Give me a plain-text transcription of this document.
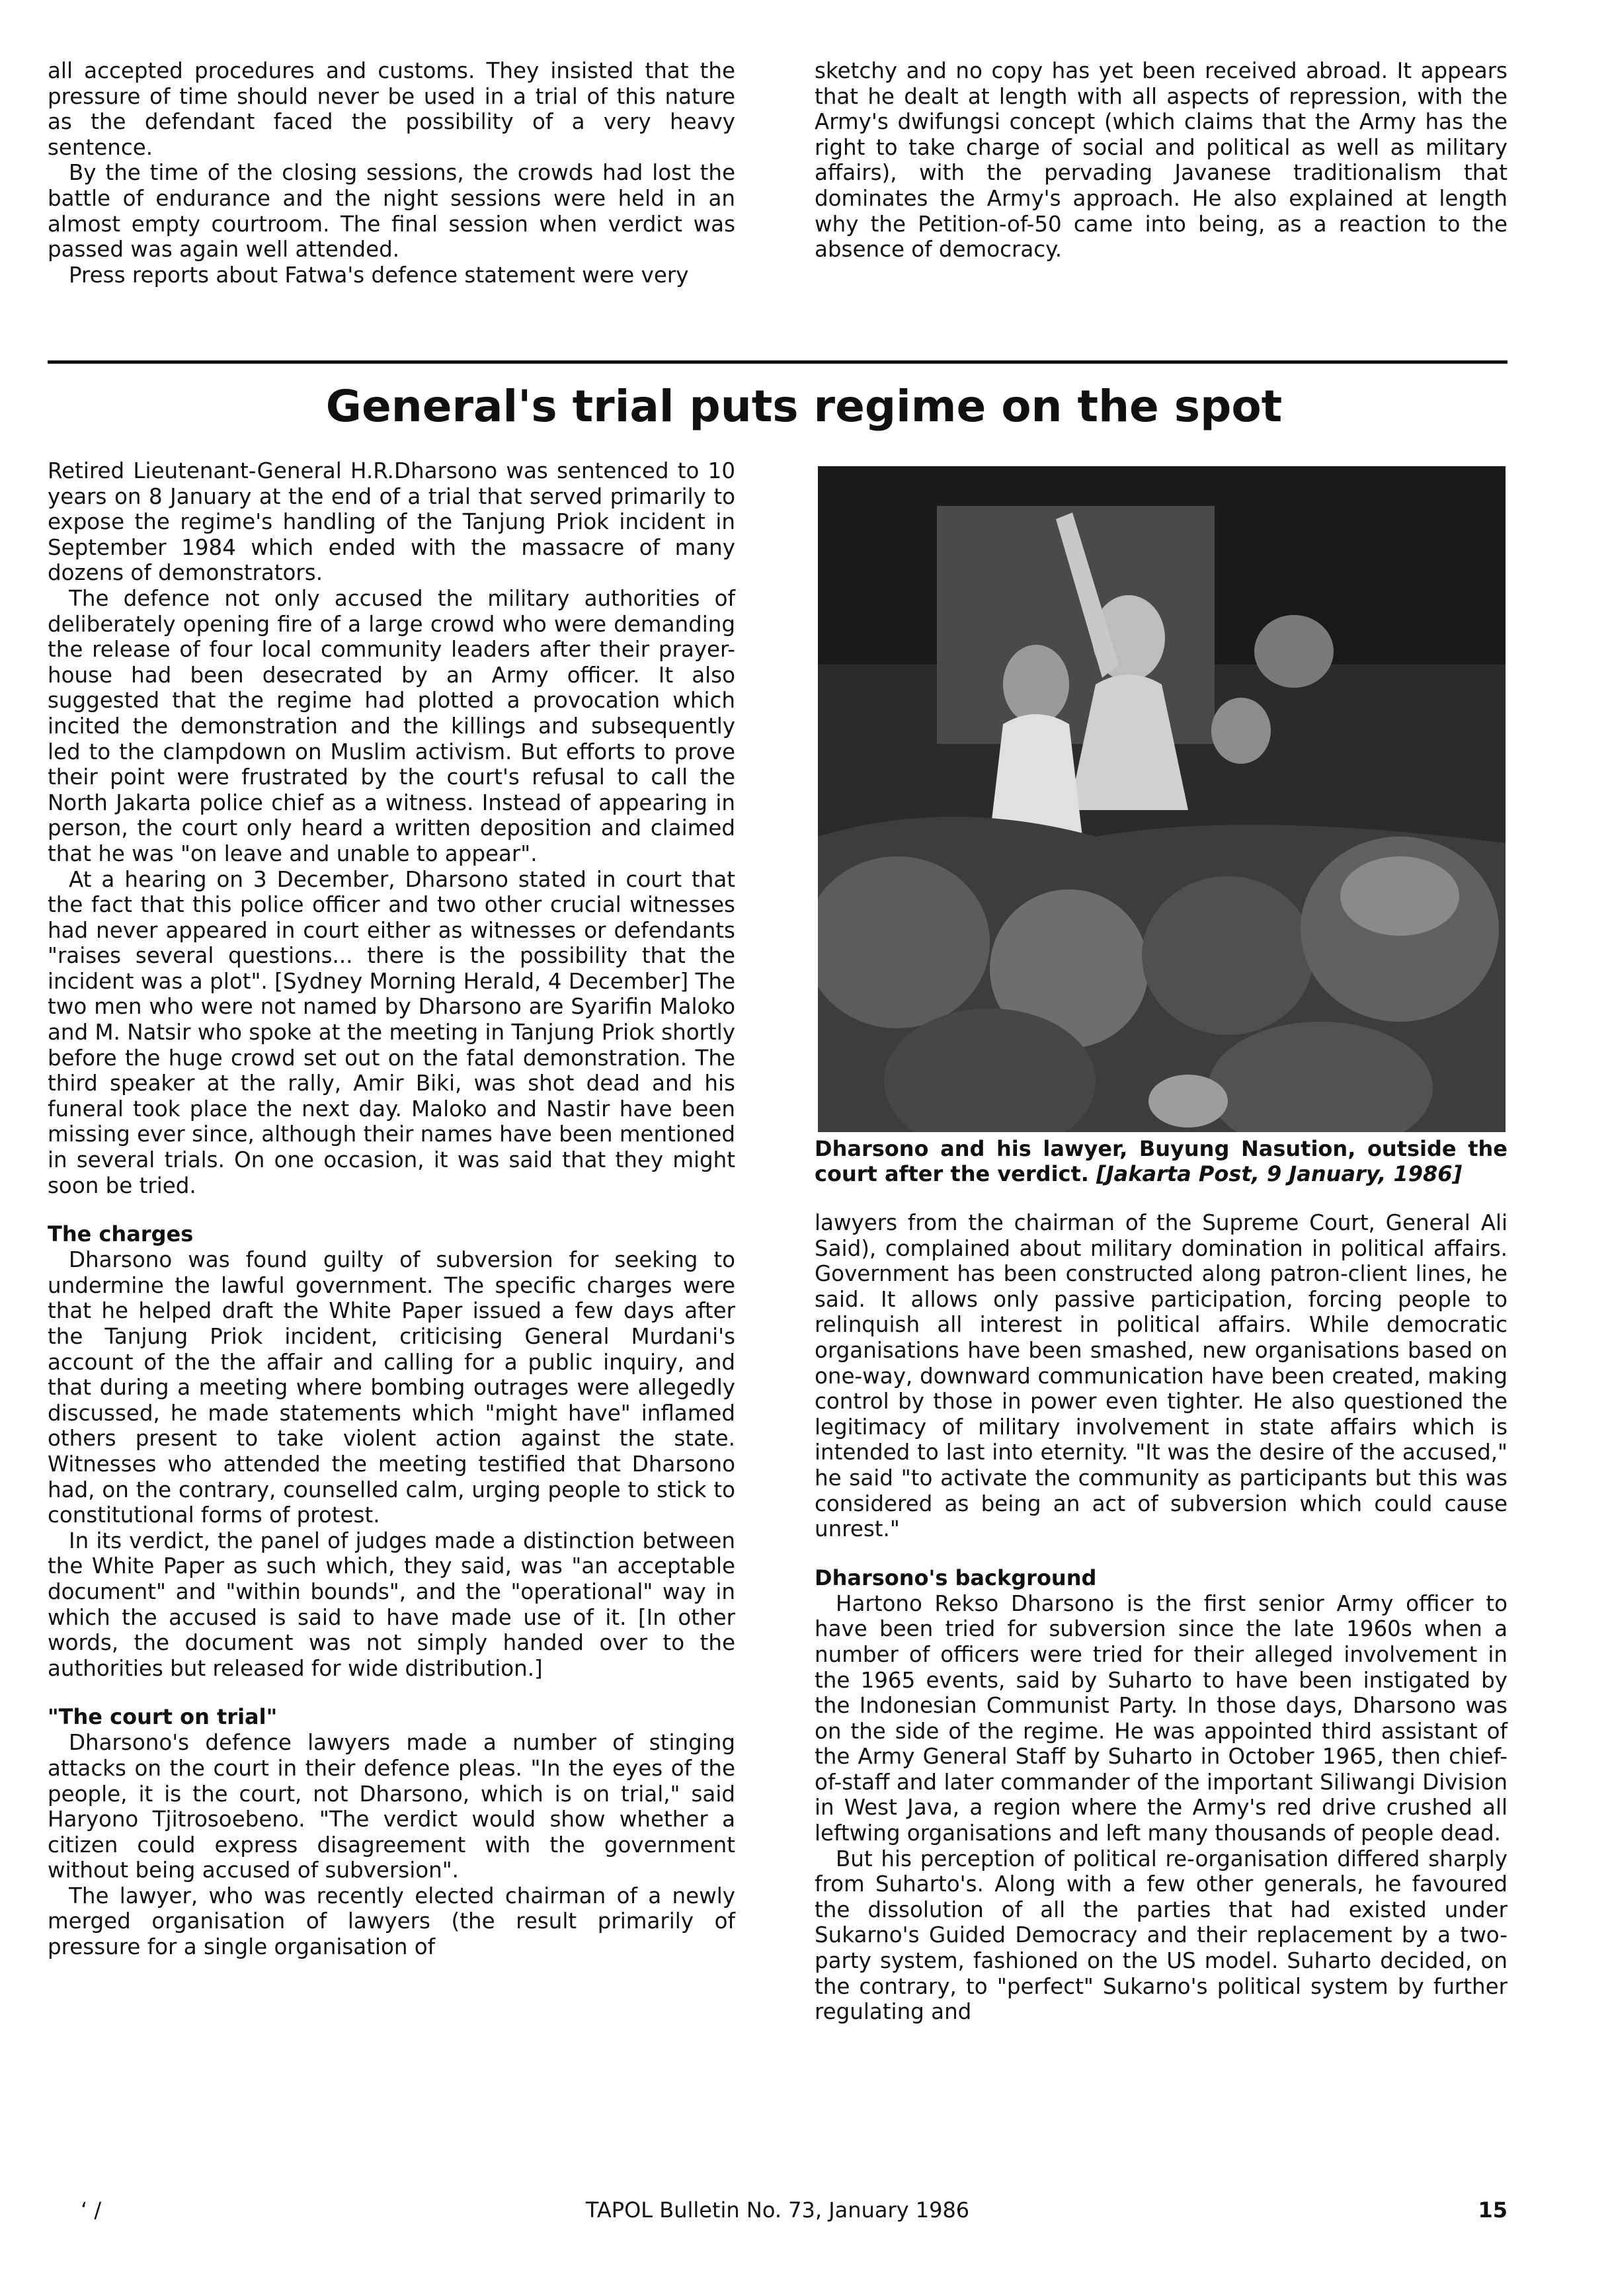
all accepted procedures and customs. They insisted that the pressure of time should never be used in a trial of this nature as the defendant faced the possibility of a very heavy sentence.

By the time of the closing sessions, the crowds had lost the battle of endurance and the night sessions were held in an almost empty courtroom. The final session when verdict was passed was again well attended.

Press reports about Fatwa's defence statement were very

sketchy and no copy has yet been received abroad. It appears that he dealt at length with all aspects of repression, with the Army's dwifungsi concept (which claims that the Army has the right to take charge of social and political as well as military affairs), with the pervading Javanese traditionalism that dominates the Army's approach. He also explained at length why the Petition-of-50 came into being, as a reaction to the absence of democracy.

General's trial puts regime on the spot

Retired Lieutenant-General H.R.Dharsono was sentenced to 10 years on 8 January at the end of a trial that served primarily to expose the regime's handling of the Tanjung Priok incident in September 1984 which ended with the massacre of many dozens of demonstrators.

The defence not only accused the military authorities of deliberately opening fire of a large crowd who were demanding the release of four local community leaders after their prayer-house had been desecrated by an Army officer. It also suggested that the regime had plotted a provocation which incited the demonstration and the killings and subsequently led to the clampdown on Muslim activism. But efforts to prove their point were frustrated by the court's refusal to call the North Jakarta police chief as a witness. Instead of appearing in person, the court only heard a written deposition and claimed that he was "on leave and unable to appear".

At a hearing on 3 December, Dharsono stated in court that the fact that this police officer and two other crucial witnesses had never appeared in court either as witnesses or defendants "raises several questions... there is the possibility that the incident was a plot". [Sydney Morning Herald, 4 December] The two men who were not named by Dharsono are Syarifin Maloko and M. Natsir who spoke at the meeting in Tanjung Priok shortly before the huge crowd set out on the fatal demonstration. The third speaker at the rally, Amir Biki, was shot dead and his funeral took place the next day. Maloko and Nastir have been missing ever since, although their names have been mentioned in several trials. On one occasion, it was said that they might soon be tried.

The charges

Dharsono was found guilty of subversion for seeking to undermine the lawful government. The specific charges were that he helped draft the White Paper issued a few days after the Tanjung Priok incident, criticising General Murdani's account of the the affair and calling for a public inquiry, and that during a meeting where bombing outrages were allegedly discussed, he made statements which "might have" inflamed others present to take violent action against the state. Witnesses who attended the meeting testified that Dharsono had, on the contrary, counselled calm, urging people to stick to constitutional forms of protest.

In its verdict, the panel of judges made a distinction between the White Paper as such which, they said, was "an acceptable document" and "within bounds", and the "operational" way in which the accused is said to have made use of it. [In other words, the document was not simply handed over to the authorities but released for wide distribution.]

"The court on trial"

Dharsono's defence lawyers made a number of stinging attacks on the court in their defence pleas. "In the eyes of the people, it is the court, not Dharsono, which is on trial," said Haryono Tjitrosoebeno. "The verdict would show whether a citizen could express disagreement with the government without being accused of subversion".

The lawyer, who was recently elected chairman of a newly merged organisation of lawyers (the result primarily of pressure for a single organisation of

Dharsono and his lawyer, Buyung Nasution, outside the court after the verdict. [Jakarta Post, 9 January, 1986]

lawyers from the chairman of the Supreme Court, General Ali Said), complained about military domination in political affairs. Government has been constructed along patron-client lines, he said. It allows only passive participation, forcing people to relinquish all interest in political affairs. While democratic organisations have been smashed, new organisations based on one-way, downward communication have been created, making control by those in power even tighter. He also questioned the legitimacy of military involvement in state affairs which is intended to last into eternity. "It was the desire of the accused," he said "to activate the community as participants but this was considered as being an act of subversion which could cause unrest."

Dharsono's background

Hartono Rekso Dharsono is the first senior Army officer to have been tried for subversion since the late 1960s when a number of officers were tried for their alleged involvement in the 1965 events, said by Suharto to have been instigated by the Indonesian Communist Party. In those days, Dharsono was on the side of the regime. He was appointed third assistant of the Army General Staff by Suharto in October 1965, then chief-of-staff and later commander of the important Siliwangi Division in West Java, a region where the Army's red drive crushed all leftwing organisations and left many thousands of people dead.

But his perception of political re-organisation differed sharply from Suharto's. Along with a few other generals, he favoured the dissolution of all the parties that had existed under Sukarno's Guided Democracy and their replacement by a two-party system, fashioned on the US model. Suharto decided, on the contrary, to "perfect" Sukarno's political system by further regulating and

‘ /	TAPOL Bulletin No. 73, January 1986	15
